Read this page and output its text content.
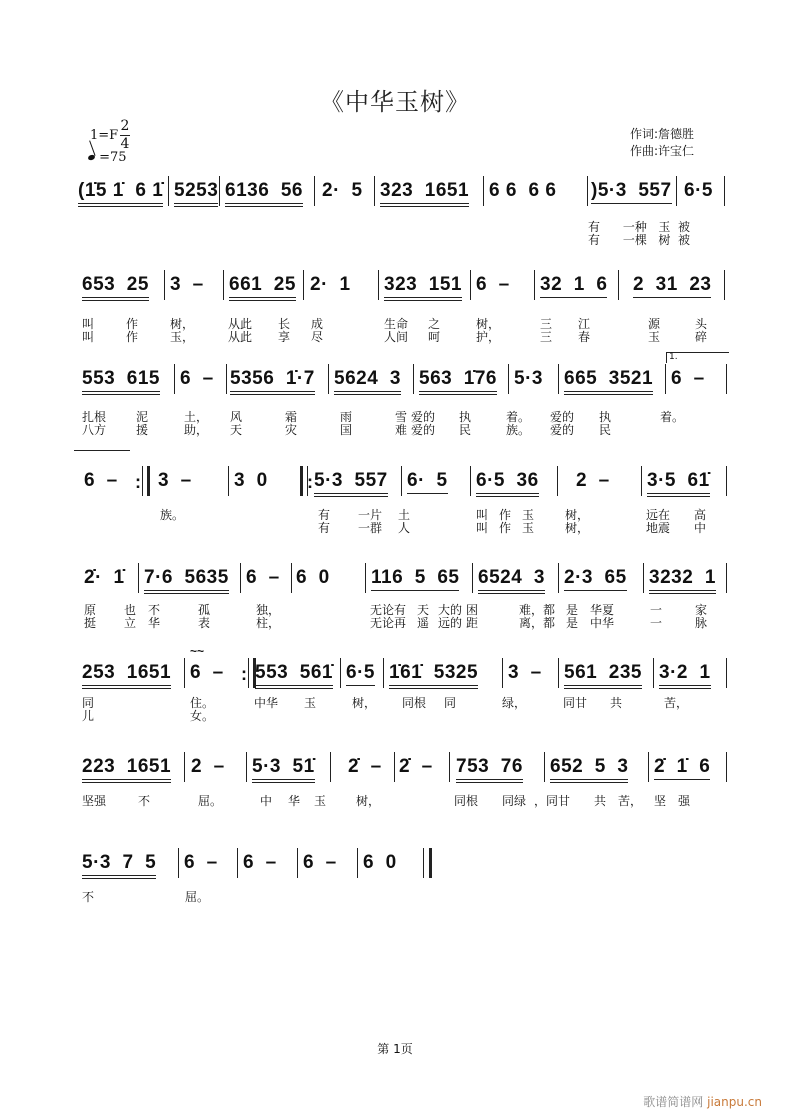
《中华玉树》
1=F
2
4
=75
作词:詹德胜
作曲:许宝仁
(1̇5 1̇  6 1̇ 5253 6136  56 2·  5 323  1651 6 6  6 6 )5·3  557 6·5
有      一种   玉  被
有      一棵   树  被
653  25 3  – 661  25 2·  1 323  151 6  – 32  1  6 2  31  23
叫	作	树，	从此 长 成	生命 之	树，	三 江	源	头
叫	作	玉，	从此 享 尽	人间 呵	护，	三 春	玉	碎
1.
553  615 6  – 5356  1̇·7 5624  3 563  1̇76 5·3 665  3521 6  –
扎根 泥	土， 风	霜	雨	雪 爱的 执	着。 爱的 执	着。
八方 援	助， 天	灾	国	难 爱的 民	族。 爱的 民
6  – : 3  – 3  0 : 5·3  557 6·  5 6·5  36 2  – 3·5  61̇
族。	有 一片 土	叫 作 玉	树，	远在 高
有 一群 人	叫 作 玉	树，	地震 中
2̇·  1̇ 7·6  5635 6  – 6  0 116  5  65 6524  3 2·3  65 3232  1
原 也 不	孤	独，	无论有 天 大的 困	难，都 是 华夏	一	家
挺 立 华	表	柱，	无论再 遥 远的 距	离，都 是 中华	一	脉
253  1651 6  –
~~
: 553  561̇ 6·5 1̇61̇  5325 3  – 561  235 3·2  1
同	住。	中华 玉	树， 同根 同	绿，	同甘 共	苦，
儿	女。
223  1651 2  – 5·3  51̇ 2̇  – 2̇  – 753  76 652  5  3 2̇  1̇  6
坚强	不	屈。	中 华 玉 树，	同根 同绿 ，同甘 共 苦， 坚 强
5·3  7  5 6  – 6  – 6  – 6  0
不	屈。
第 1页
歌谱简谱网 jianpu.cn
